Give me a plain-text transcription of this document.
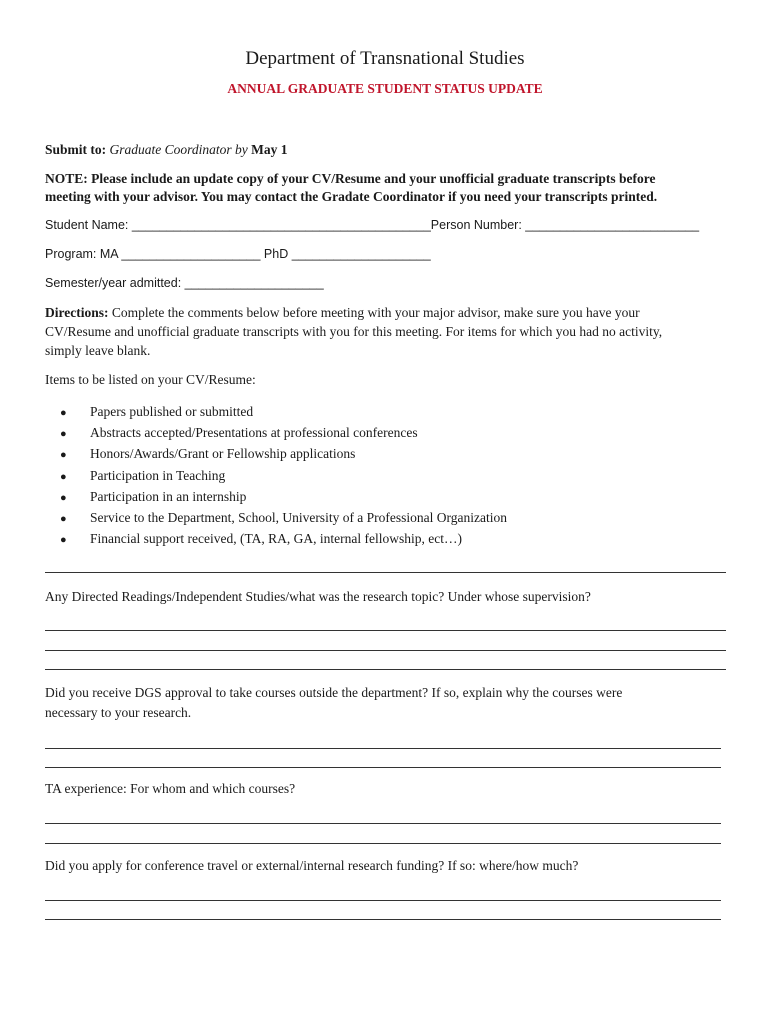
Department of Transnational Studies
ANNUAL GRADUATE STUDENT STATUS UPDATE
Submit to: Graduate Coordinator by May 1
NOTE: Please include an update copy of your CV/Resume and your unofficial graduate transcripts before
meeting with your advisor. You may contact the Gradate Coordinator if you need your transcripts printed.
Student Name: ___________________________________________Person Number: _________________________
Program: MA ____________________ PhD ____________________
Semester/year admitted: ____________________
Directions: Complete the comments below before meeting with your major advisor, make sure you have your
CV/Resume and unofficial graduate transcripts with you for this meeting. For items for which you had no activity,
simply leave blank.
Items to be listed on your CV/Resume:
● Papers published or submitted
● Abstracts accepted/Presentations at professional conferences
● Honors/Awards/Grant or Fellowship applications
● Participation in Teaching
● Participation in an internship
● Service to the Department, School, University of a Professional Organization
● Financial support received, (TA, RA, GA, internal fellowship, ect…)
Any Directed Readings/Independent Studies/what was the research topic? Under whose supervision?
Did you receive DGS approval to take courses outside the department? If so, explain why the courses were
necessary to your research.
TA experience: For whom and which courses?
Did you apply for conference travel or external/internal research funding? If so: where/how much?
